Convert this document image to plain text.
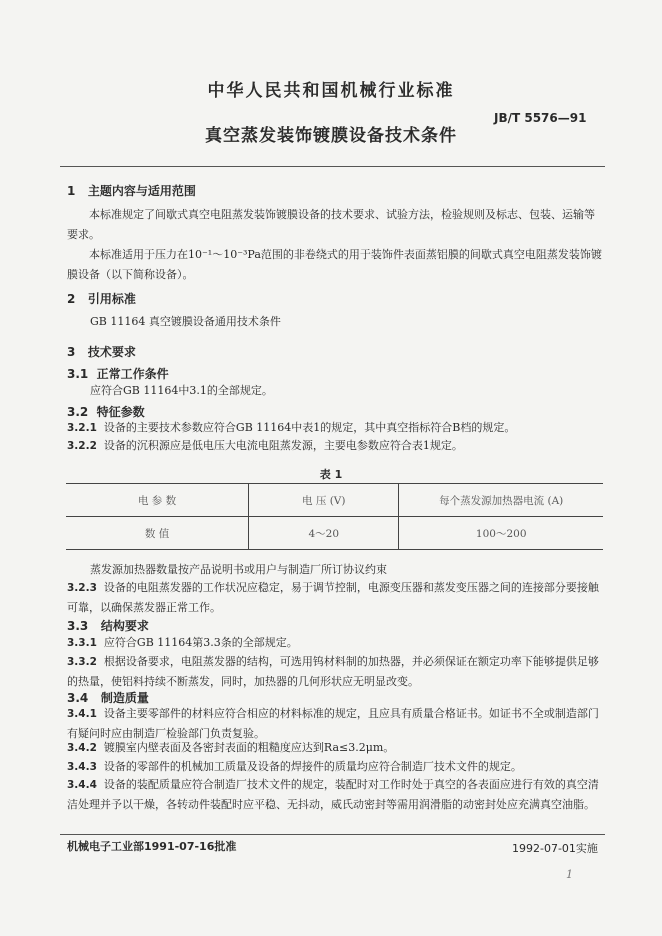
中华人民共和国机械行业标准
JB/T 5576—91
真空蒸发装饰镀膜设备技术条件
1 主题内容与适用范围
本标准规定了间歇式真空电阻蒸发装饰镀膜设备的技术要求、试验方法，检验规则及标志、包装、运输等要求。
本标准适用于压力在10⁻¹～10⁻³Pa范围的非卷绕式的用于装饰件表面蒸铝膜的间歇式真空电阻蒸发装饰镀膜设备（以下简称设备）。
2 引用标准
GB 11164 真空镀膜设备通用技术条件
3 技术要求
3.1 正常工作条件
应符合GB 11164中3.1的全部规定。
3.2 特征参数
3.2.1 设备的主要技术参数应符合GB 11164中表1的规定，其中真空指标符合B档的规定。
3.2.2 设备的沉积源应是低电压大电流电阻蒸发源，主要电参数应符合表1规定。
表 1
电 参 数	电 压 (V)	每个蒸发源加热器电流 (A)
数 值	4～20	100～200
蒸发源加热器数量按产品说明书或用户与制造厂所订协议约束
3.2.3 设备的电阻蒸发器的工作状况应稳定，易于调节控制，电源变压器和蒸发变压器之间的连接部分要接触可靠，以确保蒸发器正常工作。
3.3 结构要求
3.3.1 应符合GB 11164第3.3条的全部规定。
3.3.2 根据设备要求，电阻蒸发器的结构，可选用钨材料制的加热器，并必须保证在额定功率下能够提供足够的热量，使铝料持续不断蒸发，同时，加热器的几何形状应无明显改变。
3.4 制造质量
3.4.1 设备主要零部件的材料应符合相应的材料标准的规定，且应具有质量合格证书。如证书不全或制造部门有疑问时应由制造厂检验部门负责复验。
3.4.2 镀膜室内壁表面及各密封表面的粗糙度应达到Ra≤3.2μm。
3.4.3 设备的零部件的机械加工质量及设备的焊接件的质量均应符合制造厂技术文件的规定。
3.4.4 设备的装配质量应符合制造厂技术文件的规定，装配时对工作时处于真空的各表面应进行有效的真空清洁处理并予以干燥，各转动件装配时应平稳、无抖动，威氏动密封等需用润滑脂的动密封处应充满真空油脂。
机械电子工业部1991-07-16批准	1992-07-01实施
1
